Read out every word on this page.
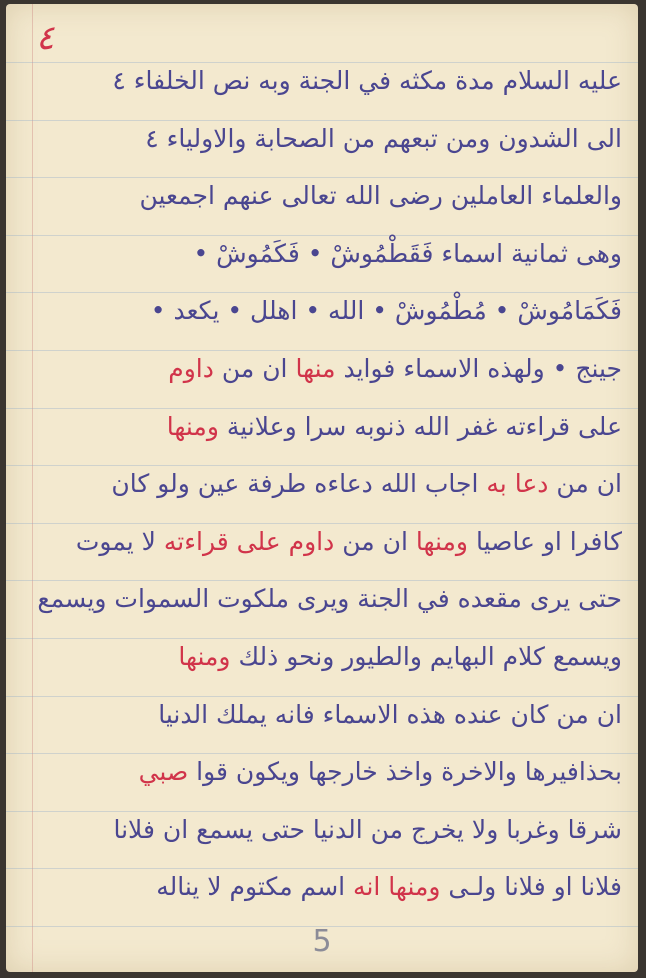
٤
عليه السلام مدة مكثه في الجنة وبه نص الخلفاء ٤
الى الشدون ومن تبعهم من الصحابة والاولياء ٤
والعلماء العاملين رضى الله تعالى عنهم اجمعين
وهى ثمانية اسماء فَقَطْمُوشْ • فَكَمُوشْ •
فَكَمَامُوشْ • مُطْمُوشْ • الله • اهلل • يكعد •
جينج • ولهذه الاسماء فوايد منها ان من داوم
على قراءته غفر الله ذنوبه سرا وعلانية ومنها
ان من دعا به اجاب الله دعاءه طرفة عين ولو كان
كافرا او عاصيا ومنها ان من داوم على قراءته لا يموت
حتى يرى مقعده في الجنة ويرى ملكوت السموات ويسمع
ويسمع كلام البهايم والطيور ونحو ذلك ومنها
ان من كان عنده هذه الاسماء فانه يملك الدنيا
بحذافيرها والاخرة واخذ خارجها ويكون قوا صبي
شرقا وغربا ولا يخرج من الدنيا حتى يسمع ان فلانا
فلانا او فلانا ولـى ومنها انه اسم مكتوم لا يناله
5
